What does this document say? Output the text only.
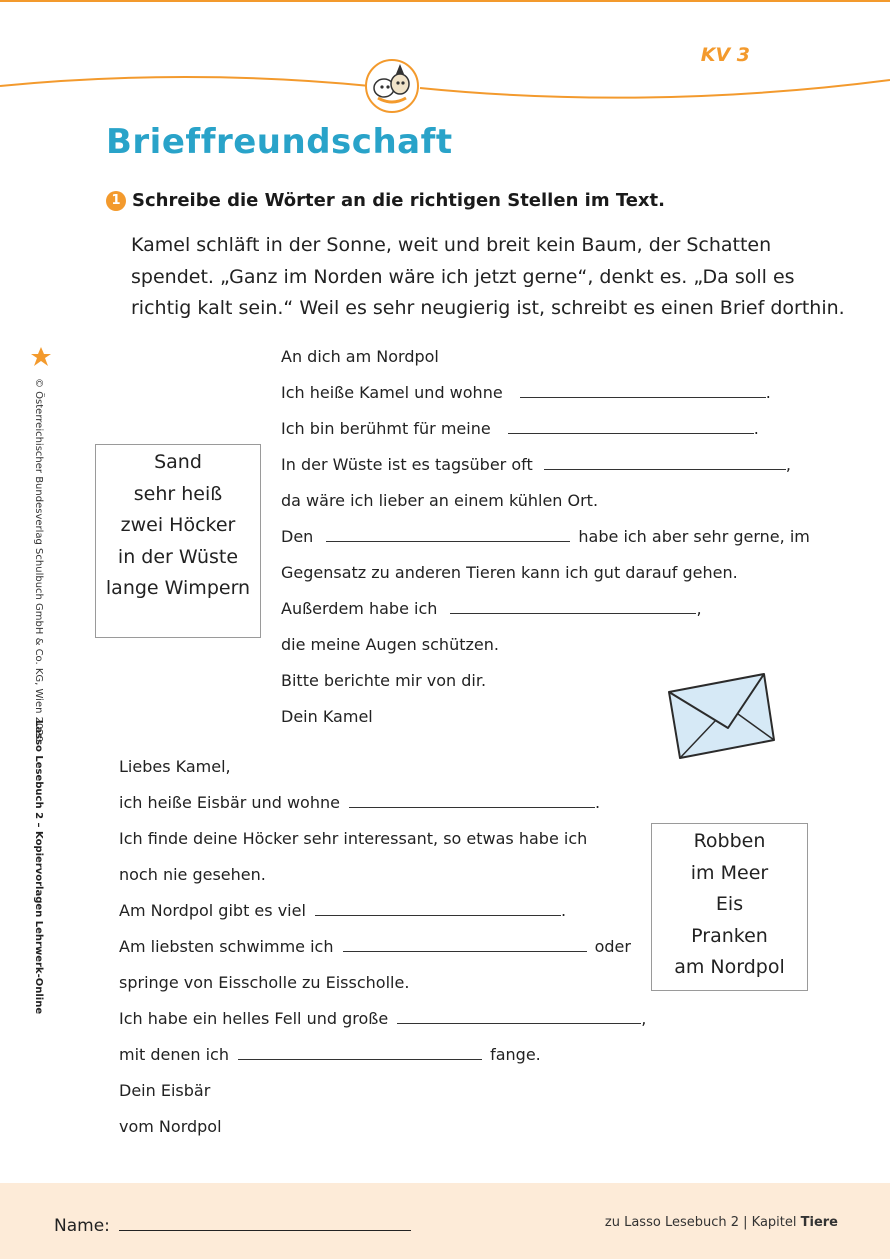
KV 3
Brieffreundschaft
1 Schreibe die Wörter an die richtigen Stellen im Text.
Kamel schläft in der Sonne, weit und breit kein Baum, der Schatten spendet. „Ganz im Norden wäre ich jetzt gerne“, denkt es. „Da soll es richtig kalt sein.“ Weil es sehr neugierig ist, schreibt es einen Brief dorthin.
© Österreichischer Bundesverlag Schulbuch GmbH & Co. KG, Wien 2020
Lasso Lesebuch 2 – Kopiervorlagen Lehrwerk-Online
Sand
sehr heiß
zwei Höcker
in der Wüste
lange Wimpern
An dich am Nordpol
Ich heiße Kamel und wohne	.
Ich bin berühmt für meine	.
In der Wüste ist es tagsüber oft	,
da wäre ich lieber an einem kühlen Ort.
Den	habe ich aber sehr gerne, im
Gegensatz zu anderen Tieren kann ich gut darauf gehen.
Außerdem habe ich	,
die meine Augen schützen.
Bitte berichte mir von dir.
Dein Kamel
Liebes Kamel,
ich heiße Eisbär und wohne	.
Ich finde deine Höcker sehr interessant, so etwas habe ich
noch nie gesehen.
Am Nordpol gibt es viel	.
Am liebsten schwimme ich	oder
springe von Eisscholle zu Eisscholle.
Ich habe ein helles Fell und große	,
mit denen ich	fange.
Dein Eisbär
vom Nordpol
Robben
im Meer
Eis
Pranken
am Nordpol
Name:	zu Lasso Lesebuch 2 | Kapitel Tiere
